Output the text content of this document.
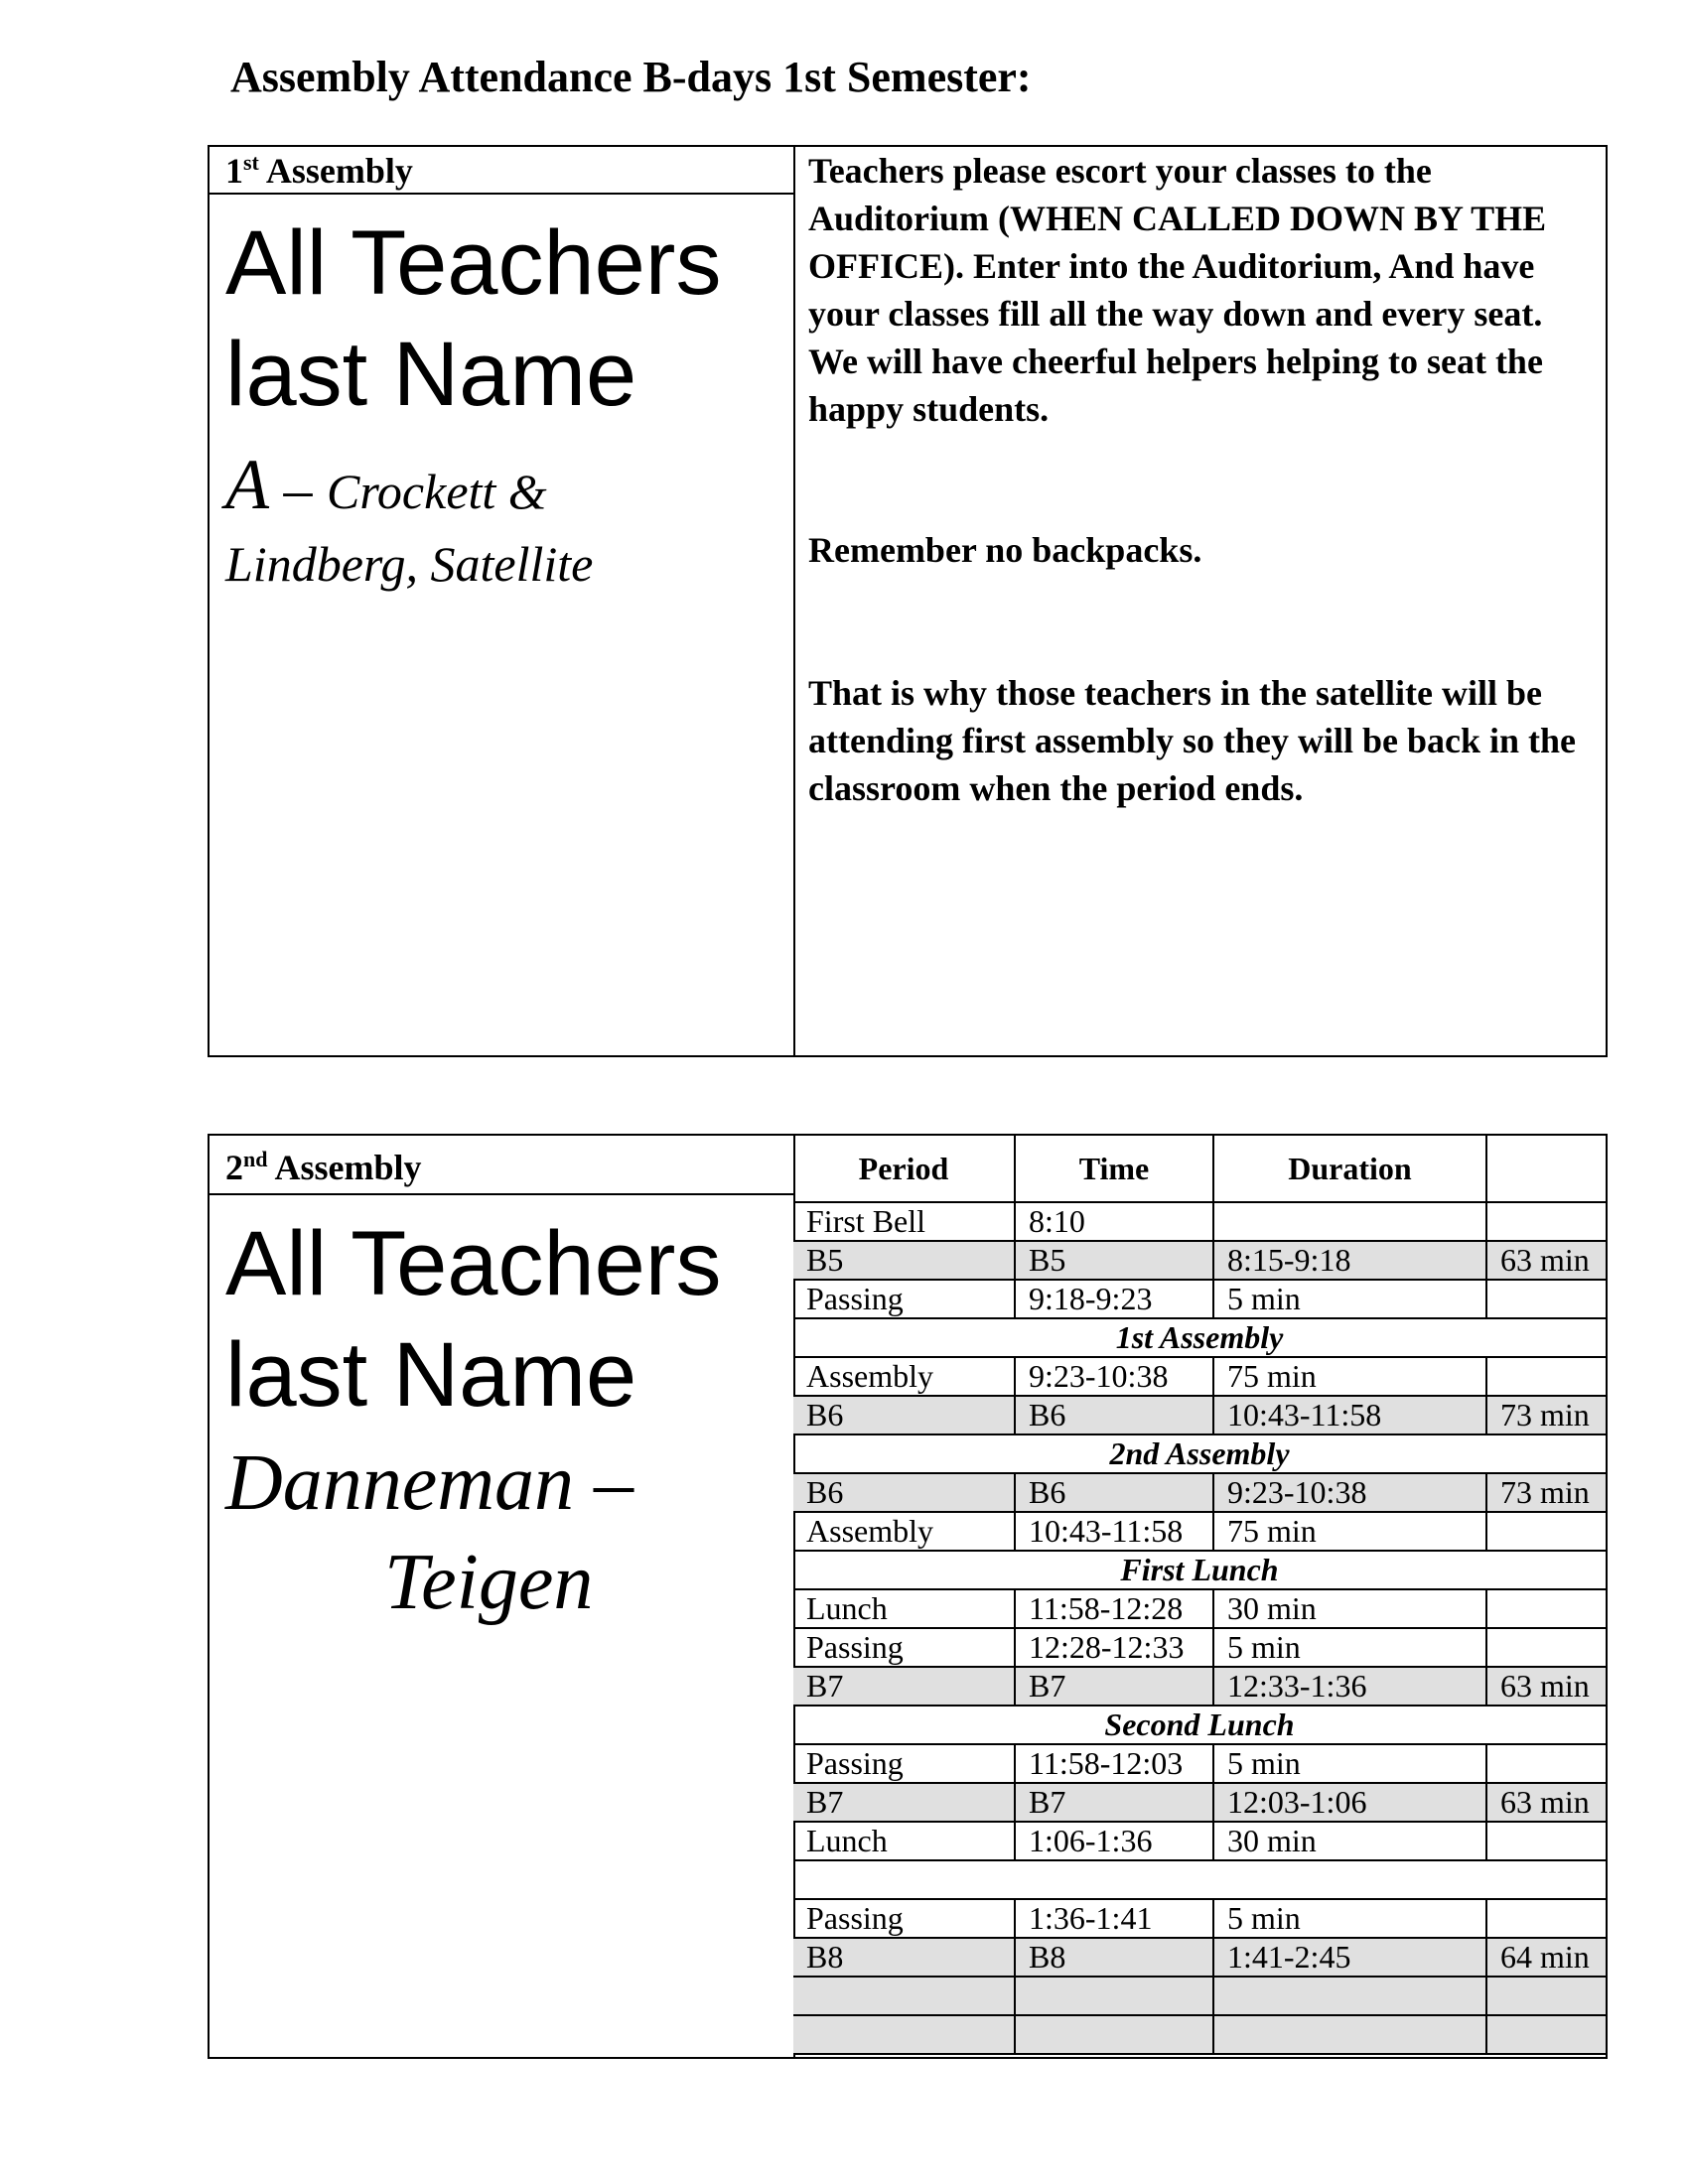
Assembly Attendance B-days 1st Semester:
1st Assembly
All Teachers
last Name
A – Crockett &
Lindberg, Satellite
Teachers please escort your classes to the Auditorium (WHEN CALLED DOWN BY THE OFFICE). Enter into the Auditorium, And have your classes fill all the way down and every seat. We will have cheerful helpers helping to seat the happy students.
Remember no backpacks.
That is why those teachers in the satellite will be attending first assembly so they will be back in the classroom when the period ends.
2nd Assembly
All Teachers
last Name
Danneman –
Teigen
Period	Time	Duration	
First Bell	8:10		
B5	B5	8:15-9:18	63 min
Passing	9:18-9:23	5 min	
1st Assembly			
Assembly	9:23-10:38	75 min	
B6	B6	10:43-11:58	73 min
2nd Assembly			
B6	B6	9:23-10:38	73 min
Assembly	10:43-11:58	75 min	
First Lunch			
Lunch	11:58-12:28	30 min	
Passing	12:28-12:33	5 min	
B7	B7	12:33-1:36	63 min
Second Lunch			
Passing	11:58-12:03	5 min	
B7	B7	12:03-1:06	63 min
Lunch	1:06-1:36	30 min	

Passing	1:36-1:41	5 min	
B8	B8	1:41-2:45	64 min
